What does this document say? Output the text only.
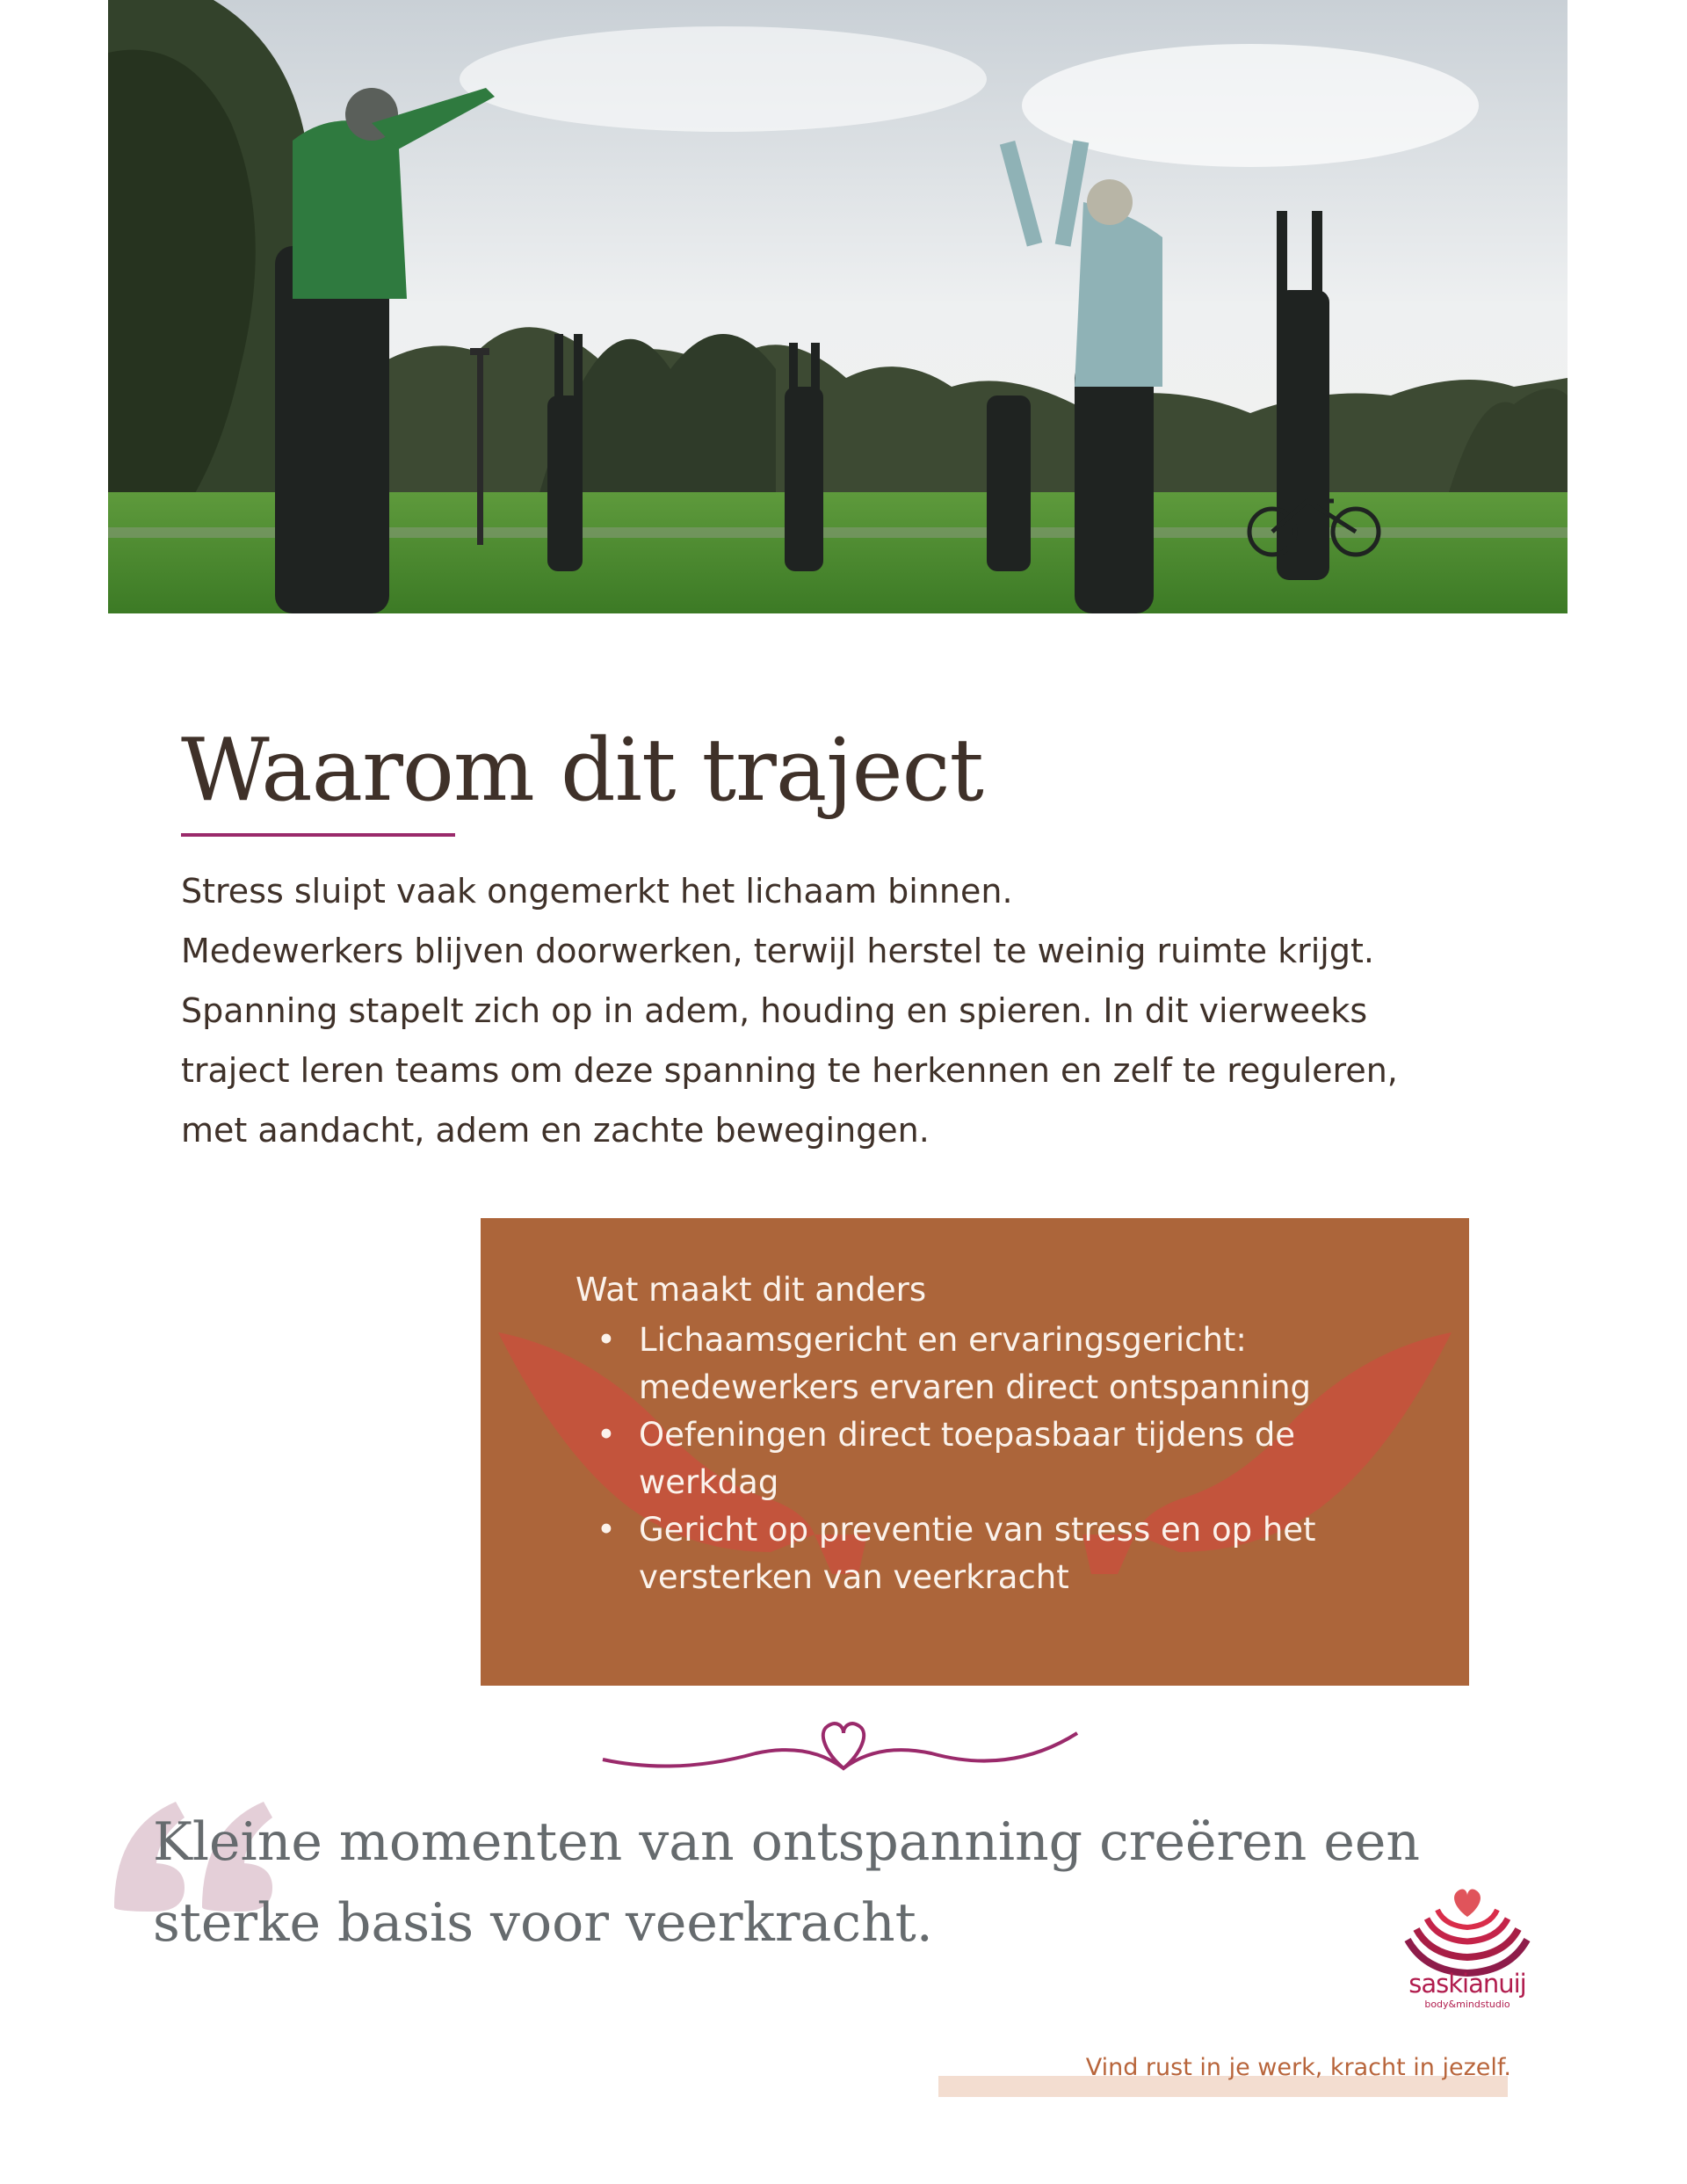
Waarom dit traject

Stress sluipt vaak ongemerkt het lichaam binnen.

Medewerkers blijven doorwerken, terwijl herstel te weinig ruimte krijgt.

Spanning stapelt zich op in adem, houding en spieren. In dit vierweeks

traject leren teams om deze spanning te herkennen en zelf te reguleren,

met aandacht, adem en zachte bewegingen.

Wat maakt dit anders
• Lichaamsgericht en ervaringsgericht: medewerkers ervaren direct ontspanning
• Oefeningen direct toepasbaar tijdens de werkdag
• Gericht op preventie van stress en op het versterken van veerkracht

Kleine momenten van ontspanning creëren een
sterke basis voor veerkracht.

saskianuij
body&mindstudio

Vind rust in je werk, kracht in jezelf.
